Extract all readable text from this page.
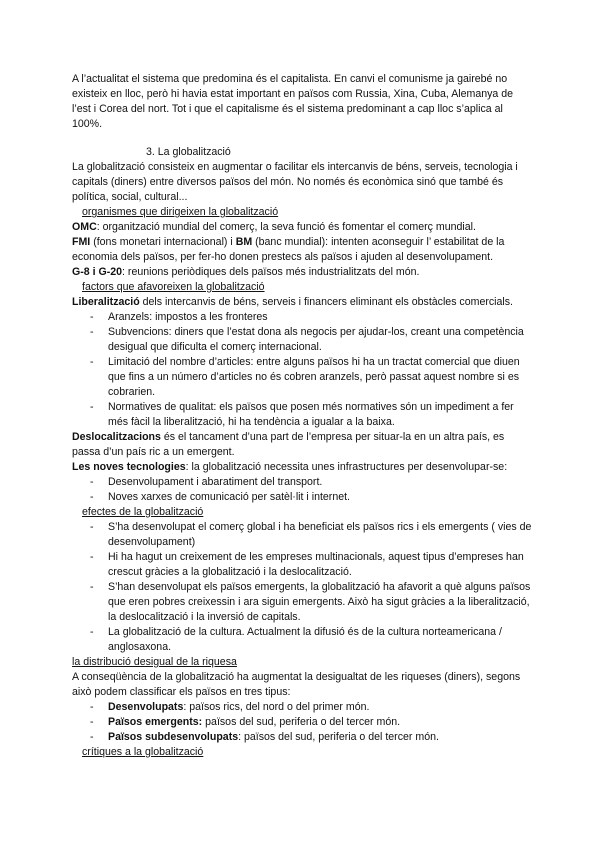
A l’actualitat el sistema que predomina és el capitalista. En canvi el comunisme ja gairebé no existeix en lloc, però hi havia estat important en països com Russia, Xina, Cuba, Alemanya de l’est i Corea del nort. Tot i que el capitalisme és el sistema predominant a cap lloc s’aplica al 100%.

3. La globalització

La globalització consisteix en augmentar o facilitar els intercanvis de béns, serveis, tecnologia i capitals (diners) entre diversos països del món. No només és econòmica sinó que també és política, social, cultural...

organismes que dirigeixen la globalització

OMC: organització mundial del comerç, la seva funció és fomentar el comerç mundial.

FMI (fons monetari internacional) i BM (banc mundial): intenten aconseguir l’ estabilitat de la economia dels països, per fer-ho donen prestecs als països i ajuden al desenvolupament.

G-8 i G-20: reunions periòdiques dels països més industrialitzats del món.

factors que afavoreixen la globalització

Liberalització dels intercanvis de béns, serveis i financers eliminant els obstàcles comercials.

- Aranzels: impostos a les fronteres
- Subvencions: diners que l’estat dona als negocis per ajudar-los, creant una competència desigual que dificulta el comerç internacional.
- Limitació del nombre d’articles: entre alguns països hi ha un tractat comercial que diuen que fins a un número d’articles no és cobren aranzels, però passat aquest nombre si es cobrarien.
- Normatives de qualitat: els països que posen més normatives són un impediment a fer més fàcil la liberalització, hi ha tendència a igualar a la baixa.

Deslocalitzacions és el tancament d’una part de l’empresa per situar-la en un altra país, es passa d’un país ric a un emergent.

Les noves tecnologies: la globalització necessita unes infrastructures per desenvolupar-se:

- Desenvolupament i abaratiment del transport.
- Noves xarxes de comunicació per satèl·lit i internet.
efectes de la globalització
- S’ha desenvolupat el comerç global i ha beneficiat els països rics i els emergents ( vies de desenvolupament)
- Hi ha hagut un creixement de les empreses multinacionals, aquest tipus d’empreses han crescut gràcies a la globalització i la deslocalització.
- S’han desenvolupat els països emergents, la globalització ha afavorit a què alguns països que eren pobres creixessin i ara siguin emergents. Això ha sigut gràcies a la liberalització, la deslocalització i la inversió de capitals.
- La globalització de la cultura. Actualment la difusió és de la cultura norteamericana / anglosaxona.
la distribució desigual de la riquesa

A conseqüència de la globalització ha augmentat la desigualtat de les riqueses (diners), segons això podem classificar els països en tres tipus:

- Desenvolupats: països rics, del nord o del primer món.
- Països emergents: països del sud, periferia o del tercer món.
- Països subdesenvolupats: països del sud, periferia o del tercer món.
crítiques a la globalització
